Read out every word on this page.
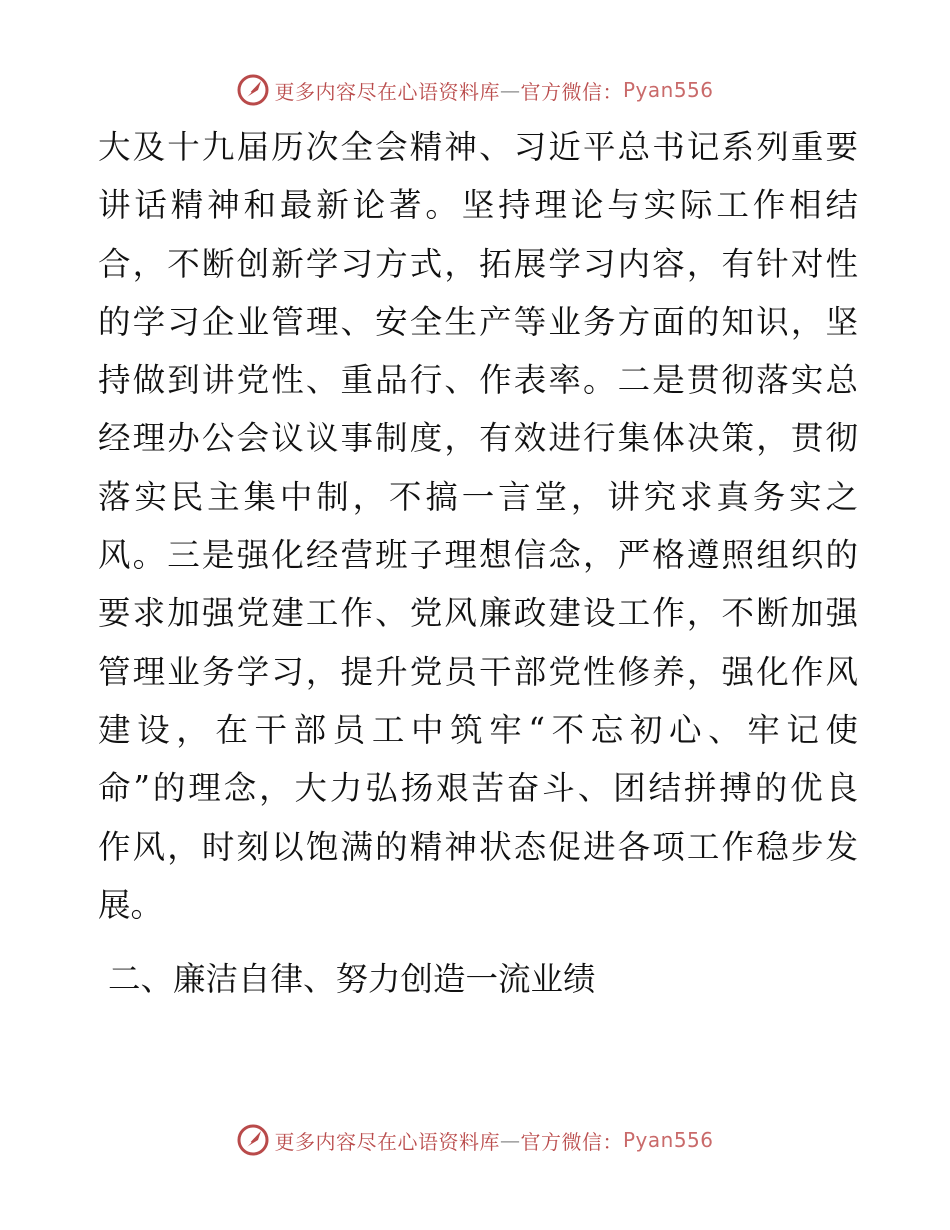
更多内容尽在心语资料库 — 官方微信： Pyan556
大及十九届历次全会精神、习近平总书记系列重要
讲话精神和最新论著。坚持理论与实际工作相结
合，不断创新学习方式，拓展学习内容，有针对性
的学习企业管理、安全生产等业务方面的知识，坚
持做到讲党性、重品行、作表率。二是贯彻落实总
经理办公会议议事制度，有效进行集体决策，贯彻
落实民主集中制，不搞一言堂，讲究求真务实之
风。三是强化经营班子理想信念，严格遵照组织的
要求加强党建工作、党风廉政建设工作，不断加强
管理业务学习，提升党员干部党性修养，强化作风
建设，在干部员工中筑牢“不忘初心、牢记使
命”的理念，大力弘扬艰苦奋斗、团结拼搏的优良
作风，时刻以饱满的精神状态促进各项工作稳步发
展。
二、廉洁自律、努力创造一流业绩
更多内容尽在心语资料库 — 官方微信： Pyan556
